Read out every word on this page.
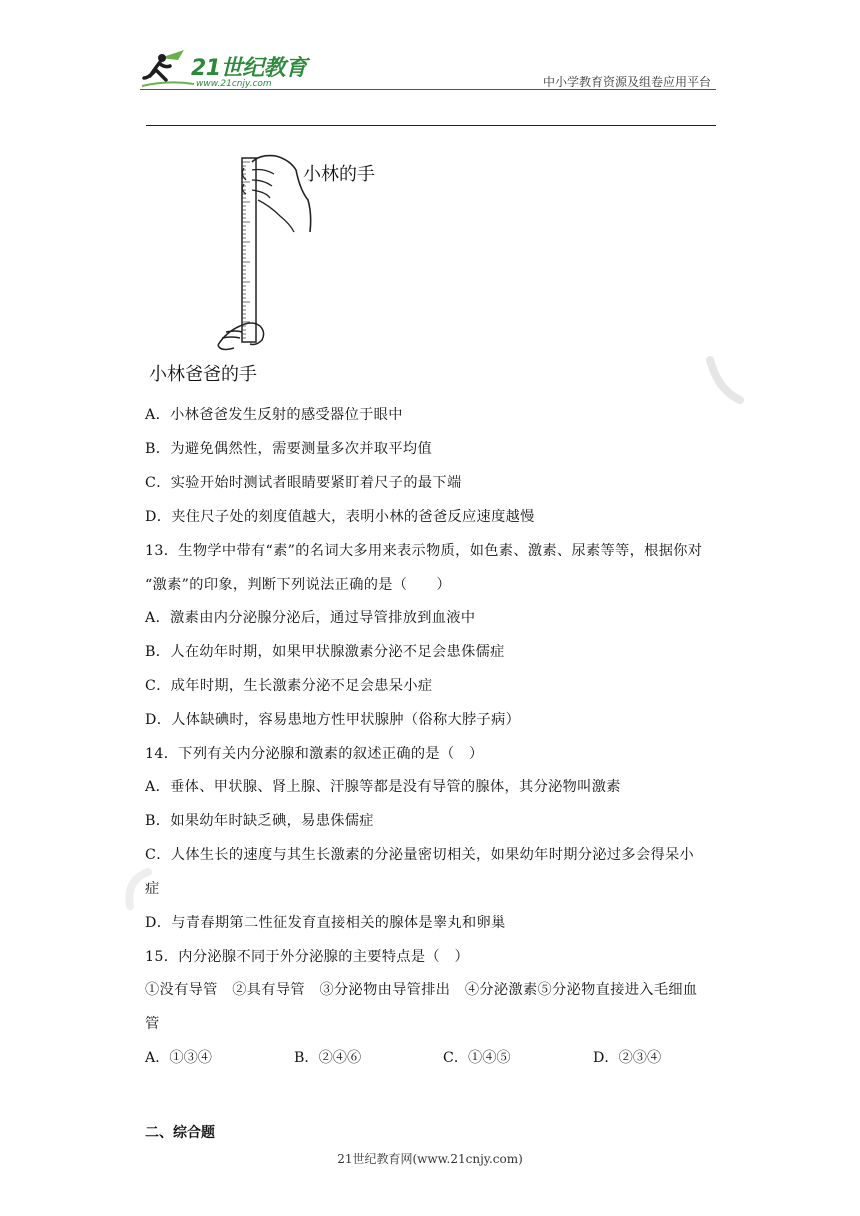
21世纪教育
www.21cnjy.com	中小学教育资源及组卷应用平台
小林的手
小林爸爸的手
A．小林爸爸发生反射的感受器位于眼中
B．为避免偶然性，需要测量多次并取平均值
C．实验开始时测试者眼睛要紧盯着尺子的最下端
D．夹住尺子处的刻度值越大，表明小林的爸爸反应速度越慢
13．生物学中带有“素”的名词大多用来表示物质，如色素、激素、尿素等等，根据你对
“激素”的印象，判断下列说法正确的是（　　）
A．激素由内分泌腺分泌后，通过导管排放到血液中
B．人在幼年时期，如果甲状腺激素分泌不足会患侏儒症
C．成年时期，生长激素分泌不足会患呆小症
D．人体缺碘时，容易患地方性甲状腺肿（俗称大脖子病）
14．下列有关内分泌腺和激素的叙述正确的是（　）
A．垂体、甲状腺、肾上腺、汗腺等都是没有导管的腺体，其分泌物叫激素
B．如果幼年时缺乏碘，易患侏儒症
C．人体生长的速度与其生长激素的分泌量密切相关，如果幼年时期分泌过多会得呆小
症
D．与青春期第二性征发育直接相关的腺体是睾丸和卵巢
15．内分泌腺不同于外分泌腺的主要特点是（　）
①没有导管　②具有导管　③分泌物由导管排出　④分泌激素⑤分泌物直接进入毛细血
管
A．①③④	B．②④⑥	C．①④⑤	D．②③④
二、综合题
21世纪教育网(www.21cnjy.com)
